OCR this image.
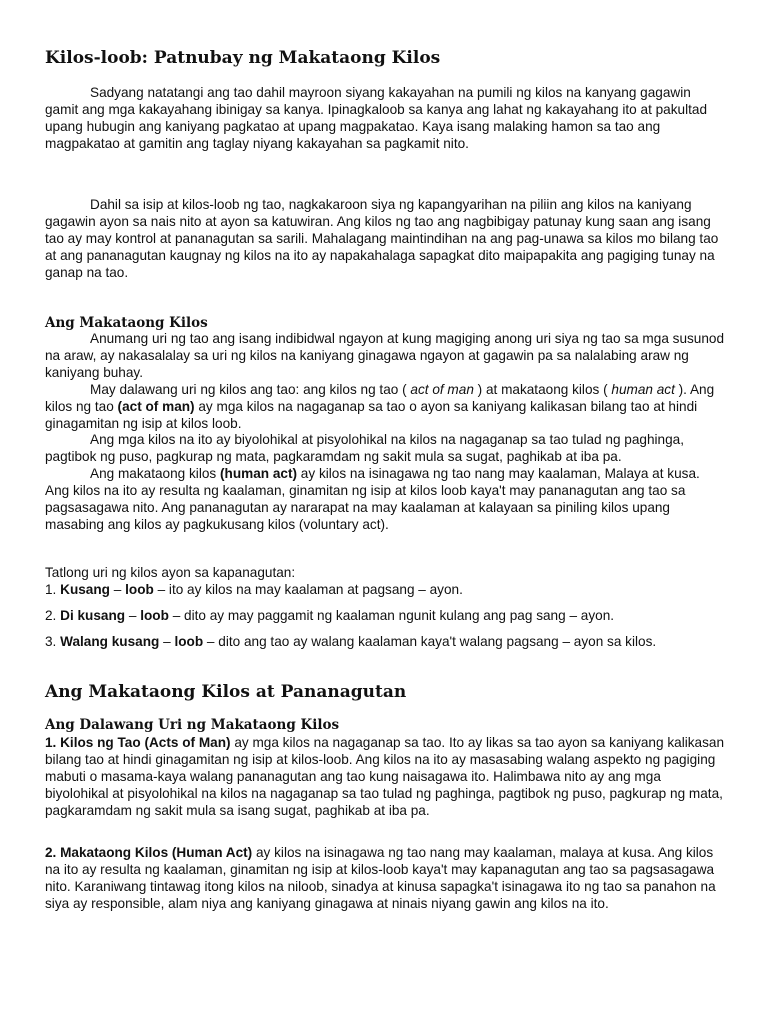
Kilos-loob: Patnubay ng Makataong Kilos

Sadyang natatangi ang tao dahil mayroon siyang kakayahan na pumili ng kilos na kanyang gagawin gamit ang mga kakayahang ibinigay sa kanya. Ipinagkaloob sa kanya ang lahat ng kakayahang ito at pakultad upang hubugin ang kaniyang pagkatao at upang magpakatao. Kaya isang malaking hamon sa tao ang magpakatao at gamitin ang taglay niyang kakayahan sa pagkamit nito.

Dahil sa isip at kilos-loob ng tao, nagkakaroon siya ng kapangyarihan na piliin ang kilos na kaniyang gagawin ayon sa nais nito at ayon sa katuwiran. Ang kilos ng tao ang nagbibigay patunay kung saan ang isang tao ay may kontrol at pananagutan sa sarili. Mahalagang maintindihan na ang pag-unawa sa kilos mo bilang tao at ang pananagutan kaugnay ng kilos na ito ay napakahalaga sapagkat dito maipapakita ang pagiging tunay na ganap na tao.

Ang Makataong Kilos

Anumang uri ng tao ang isang indibidwal ngayon at kung magiging anong uri siya ng tao sa mga susunod na araw, ay nakasalalay sa uri ng kilos na kaniyang ginagawa ngayon at gagawin pa sa nalalabing araw ng kaniyang buhay.

May dalawang uri ng kilos ang tao: ang kilos ng tao ( act of man ) at makataong kilos ( human act ). Ang kilos ng tao (act of man) ay mga kilos na nagaganap sa tao o ayon sa kaniyang kalikasan bilang tao at hindi ginagamitan ng isip at kilos loob.

Ang mga kilos na ito ay biyolohikal at pisyolohikal na kilos na nagaganap sa tao tulad ng paghinga, pagtibok ng puso, pagkurap ng mata, pagkaramdam ng sakit mula sa sugat, paghikab at iba pa.

Ang makataong kilos (human act) ay kilos na isinagawa ng tao nang may kaalaman, Malaya at kusa. Ang kilos na ito ay resulta ng kaalaman, ginamitan ng isip at kilos loob kaya't may pananagutan ang tao sa pagsasagawa nito. Ang pananagutan ay nararapat na may kaalaman at kalayaan sa piniling kilos upang masabing ang kilos ay pagkukusang kilos (voluntary act).

Tatlong uri ng kilos ayon sa kapanagutan:

1. Kusang – loob – ito ay kilos na may kaalaman at pagsang – ayon.

2. Di kusang – loob – dito ay may paggamit ng kaalaman ngunit kulang ang pag sang – ayon.

3. Walang kusang – loob – dito ang tao ay walang kaalaman kaya't walang pagsang – ayon sa kilos.

Ang Makataong Kilos at Pananagutan
Ang Dalawang Uri ng Makataong Kilos

1. Kilos ng Tao (Acts of Man) ay mga kilos na nagaganap sa tao. Ito ay likas sa tao ayon sa kaniyang kalikasan bilang tao at hindi ginagamitan ng isip at kilos-loob. Ang kilos na ito ay masasabing walang aspekto ng pagiging mabuti o masama-kaya walang pananagutan ang tao kung naisagawa ito. Halimbawa nito ay ang mga biyolohikal at pisyolohikal na kilos na nagaganap sa tao tulad ng paghinga, pagtibok ng puso, pagkurap ng mata, pagkaramdam ng sakit mula sa isang sugat, paghikab at iba pa.

2. Makataong Kilos (Human Act) ay kilos na isinagawa ng tao nang may kaalaman, malaya at kusa. Ang kilos na ito ay resulta ng kaalaman, ginamitan ng isip at kilos-loob kaya't may kapanagutan ang tao sa pagsasagawa nito. Karaniwang tintawag itong kilos na niloob, sinadya at kinusa sapagka't isinagawa ito ng tao sa panahon na siya ay responsible, alam niya ang kaniyang ginagawa at ninais niyang gawin ang kilos na ito.
